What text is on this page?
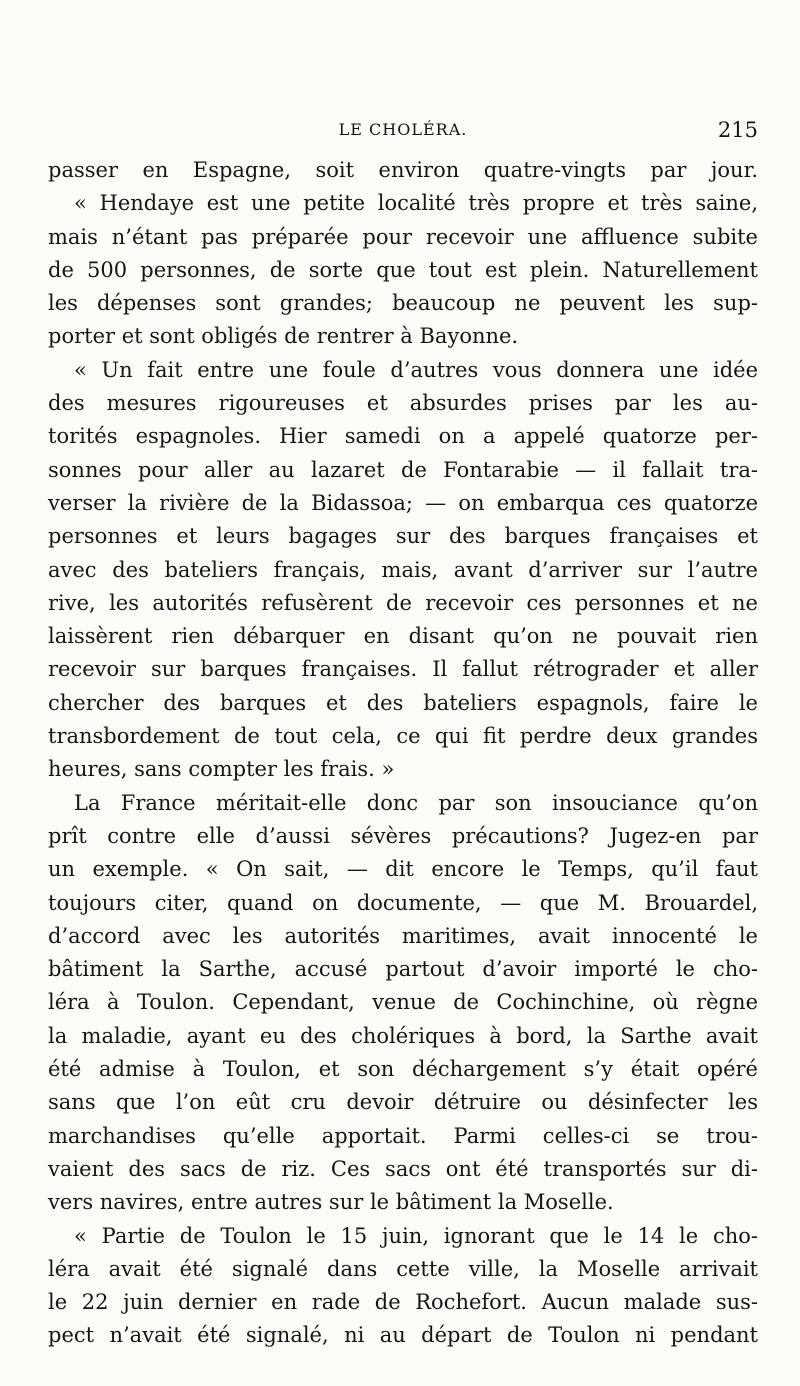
LE CHOLÉRA.	215
passer en Espagne, soit environ quatre-vingts par jour.
« Hendaye est une petite localité très propre et très saine,
mais n’étant pas préparée pour recevoir une affluence subite
de 500 personnes, de sorte que tout est plein. Naturellement
les dépenses sont grandes; beaucoup ne peuvent les sup-
porter et sont obligés de rentrer à Bayonne.
« Un fait entre une foule d’autres vous donnera une idée
des mesures rigoureuses et absurdes prises par les au-
torités espagnoles. Hier samedi on a appelé quatorze per-
sonnes pour aller au lazaret de Fontarabie — il fallait tra-
verser la rivière de la Bidassoa; — on embarqua ces quatorze
personnes et leurs bagages sur des barques françaises et
avec des bateliers français, mais, avant d’arriver sur l’autre
rive, les autorités refusèrent de recevoir ces personnes et ne
laissèrent rien débarquer en disant qu’on ne pouvait rien
recevoir sur barques françaises. Il fallut rétrograder et aller
chercher des barques et des bateliers espagnols, faire le
transbordement de tout cela, ce qui fit perdre deux grandes
heures, sans compter les frais. »
La France méritait-elle donc par son insouciance qu’on
prît contre elle d’aussi sévères précautions? Jugez-en par
un exemple. « On sait, — dit encore le Temps, qu’il faut
toujours citer, quand on documente, — que M. Brouardel,
d’accord avec les autorités maritimes, avait innocenté le
bâtiment la Sarthe, accusé partout d’avoir importé le cho-
léra à Toulon. Cependant, venue de Cochinchine, où règne
la maladie, ayant eu des cholériques à bord, la Sarthe avait
été admise à Toulon, et son déchargement s’y était opéré
sans que l’on eût cru devoir détruire ou désinfecter les
marchandises qu’elle apportait. Parmi celles-ci se trou-
vaient des sacs de riz. Ces sacs ont été transportés sur di-
vers navires, entre autres sur le bâtiment la Moselle.
« Partie de Toulon le 15 juin, ignorant que le 14 le cho-
léra avait été signalé dans cette ville, la Moselle arrivait
le 22 juin dernier en rade de Rochefort. Aucun malade sus-
pect n’avait été signalé, ni au départ de Toulon ni pendant
